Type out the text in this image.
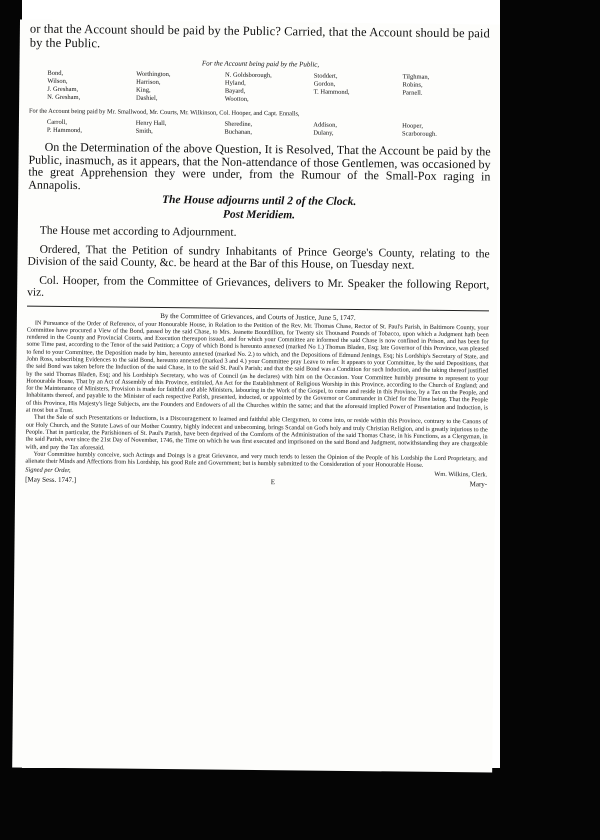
or that the Account should be paid by the Public? Carried, that the Account should be paid by the Public.

For the Account being paid by the Public,
Bond,	Worthington,	N. Goldsborough,	Stoddert,	Tilghman,
Wilson,	Harrison,	Hyland,	Gordon,	Robins,
J. Gresham,	King,	Bayard,	T. Hammond,	Parnell.
N. Gresham,	Dashiel,	Wootton,
For the Account being paid by Mr. Smallwood, Mr. Courts, Mr. Wilkinson, Col. Hooper, and Capt. Ennalls,
Carroll,	Henry Hall,	Sheredine,	Addison,	Hooper,
P. Hammond,	Smith,	Buchanan,	Dulany,	Scarborough.

On the Determination of the above Question, It is Resolved, That the Account be paid by the Public, inasmuch, as it appears, that the Non-attendance of those Gentlemen, was occasioned by the great Apprehension they were under, from the Rumour of the Small-Pox raging in Annapolis.

The House adjourns until 2 of the Clock.

Post Meridiem.

The House met according to Adjournment.

Ordered, That the Petition of sundry Inhabitants of Prince George's County, relating to the Division of the said County, &c. be heard at the Bar of this House, on Tuesday next.

Col. Hooper, from the Committee of Grievances, delivers to Mr. Speaker the following Report, viz.

By the Committee of Grievances, and Courts of Justice, June 5, 1747.

IN Pursuance of the Order of Reference, of your Honourable House, in Relation to the Petition of the Rev. Mr. Thomas Chase, Rector of St. Paul's Parish, in Baltimore County, your Committee have procured a View of the Bond, passed by the said Chase, to Mrs. Jeanette Bourdillion, for Twenty six Thousand Pounds of Tobacco, upon which a Judgment hath been rendered in the County and Provincial Courts, and Execution thereupon issued, and for which your Committee are informed the said Chase is now confined in Prison, and has been for some Time past, according to the Tenor of the said Petition; a Copy of which Bond is hereunto annexed (marked No 1.) Thomas Bladen, Esq; late Governor of this Province, was pleased to fend to your Committee, the Deposition made by him, hereunto annexed (marked No. 2.) to which, and the Depositions of Edmund Jenings, Esq; his Lordship's Secretary of State, and John Ross, subscribing Evidences to the said Bond, hereunto annexed (marked 3 and 4.) your Committee pray Leave to refer. It appears to your Committee, by the said Depositions, that the said Bond was taken before the Induction of the said Chase, in to the said St. Paul's Parish; and that the said Bond was a Condition for such Induction, and the taking thereof justified by the said Thomas Bladen, Esq; and his Lordship's Secretary, who was of Council (as he declares) with him on the Occasion. Your Committee humbly presume to represent to your Honourable House, That by an Act of Assembly of this Province, entituled, An Act for the Establishment of Religious Worship in this Province, according to the Church of England; and for the Maintenance of Ministers, Provision is made for faithful and able Ministers, labouring in the Work of the Gospel, to come and reside in this Province, by a Tax on the People, and Inhabitants thereof, and payable to the Minister of each respective Parish, presented, inducted, or appointed by the Governor or Commander in Chief for the Time being. That the People of this Province, His Majesty's liege Subjects, are the Founders and Endowers of all the Churches within the same; and that the aforesaid implied Power of Presentation and Induction, is at most but a Trust.

That the Sale of such Presentations or Inductions, is a Discouragement to learned and faithful able Clergymen, to come into, or reside within this Province, contrary to the Canons of our Holy Church, and the Statute Laws of our Mother Country, highly indecent and unbecoming, brings Scandal on God's holy and truly Christian Religion, and is greatly injurious to the People. That in particular, the Parishioners of St. Paul's Parish, have been deprived of the Comforts of the Administration of the said Thomas Chase, in his Functions, as a Clergyman, in the said Parish, ever since the 21st Day of November, 1746, the Time on which he was first executed and imprisoned on the said Bond and Judgment, notwithstanding they are chargeable with, and pay the Tax aforesaid.

Your Committee humbly conceive, such Actings and Doings is a great Grievance, and very much tends to lessen the Opinion of the People of his Lordship the Lord Proprietary, and alienate their Minds and Affections from his Lordship, his good Rule and Government; but is humbly submitted to the Consideration of your Honourable House.

Signed per Order,
Wm. Wilkins, Clerk.
[May Sess. 1747.]	E	Mary-
